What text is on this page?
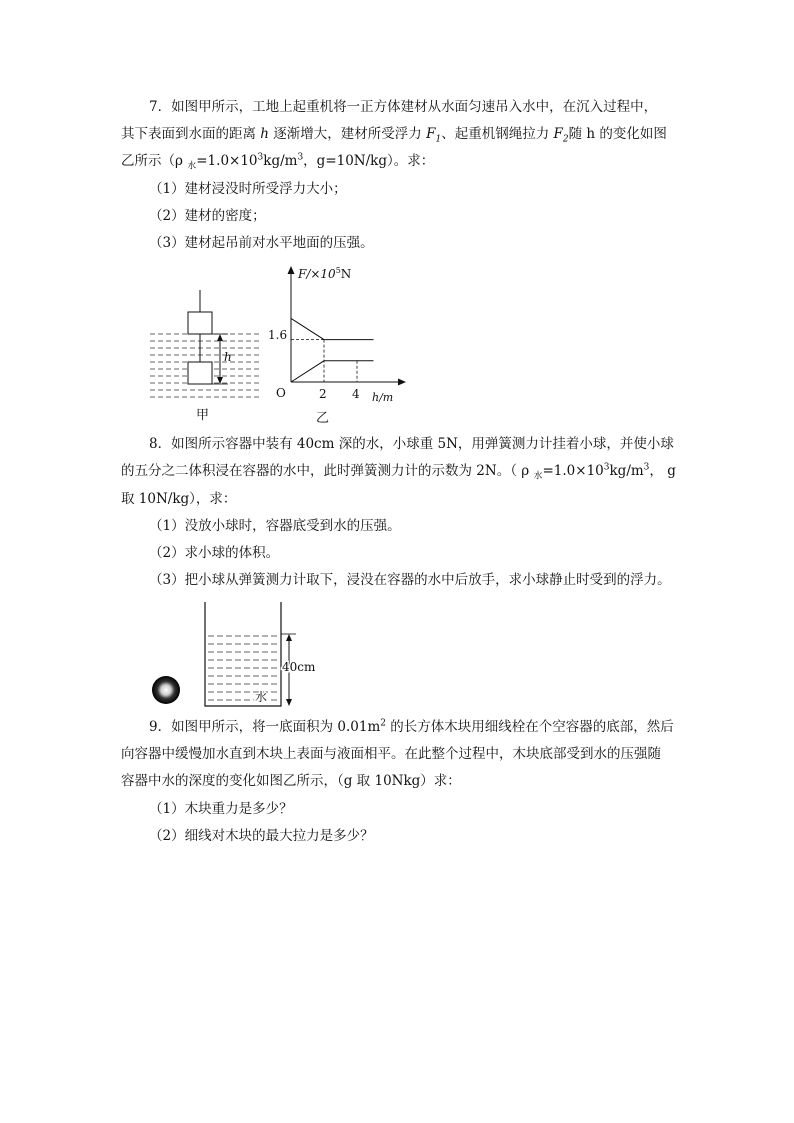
7．如图甲所示，工地上起重机将一正方体建材从水面匀速吊入水中，在沉入过程中，
其下表面到水面的距离 h 逐渐增大，建材所受浮力 $F_1$、起重机钢绳拉力 $F_2$随 h 的变化如图
乙所示（ρ $_水=1.0\times 10^3kg/m^3$，g=10N/kg）。求：
（1）建材浸没时所受浮力大小；
（2）建材的密度；
（3）建材起吊前对水平地面的压强。
h
甲
$F/\times 10^5N$
1.6
O	2 4 h/m
乙
8．如图所示容器中装有 40cm 深的水，小球重 5N，用弹簧测力计挂着小球，并使小球
的五分之二体积浸在容器的水中，此时弹簧测力计的示数为 2N。（ ρ $_水=1.0\times 10^3kg/m^3$， g
取 10N/kg），求：
（1）没放小球时，容器底受到水的压强。
（2）求小球的体积。
（3）把小球从弹簧测力计取下，浸没在容器的水中后放手，求小球静止时受到的浮力。
40cm
水
9．如图甲所示，将一底面积为 $0.01m^2$ 的长方体木块用细线栓在个空容器的底部，然后
向容器中缓慢加水直到木块上表面与液面相平。在此整个过程中，木块底部受到水的压强随
容器中水的深度的变化如图乙所示，（g 取 10Nkg）求：
（1）木块重力是多少？
（2）细线对木块的最大拉力是多少？
